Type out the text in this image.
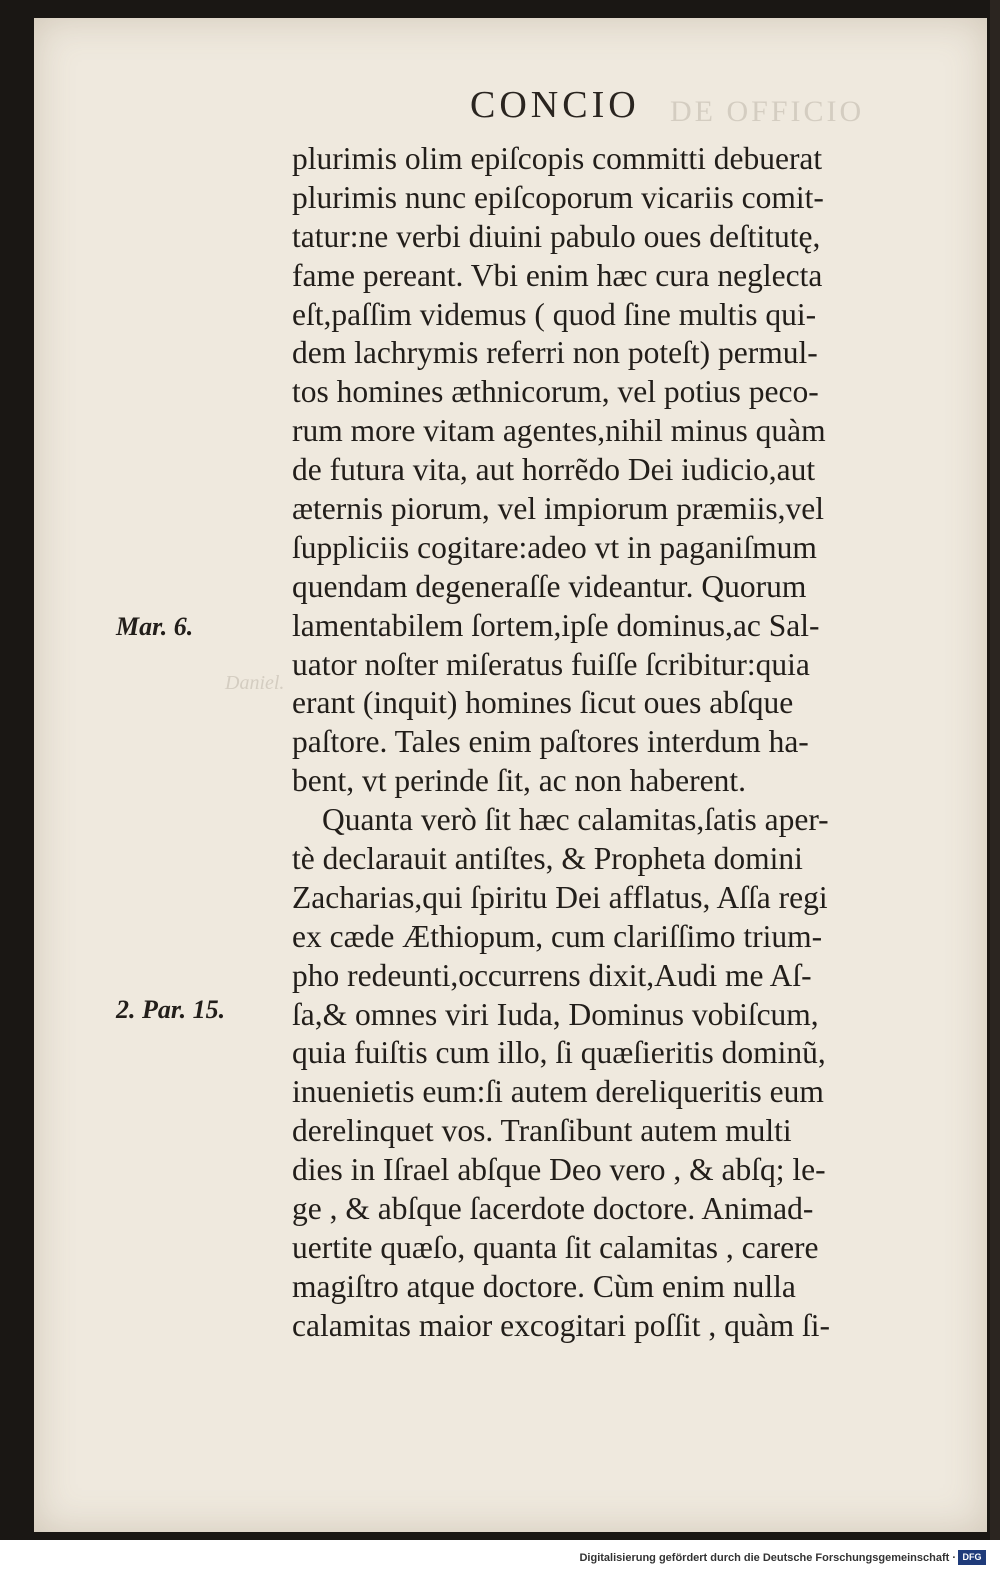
DE OFFICIO
Daniel.
CONCIO
Mar. 6.
2. Par. 15.
plurimis olim epiſcopis committi debuerat
plurimis nunc epiſcoporum vicariis comit-
tatur:ne verbi diuini pabulo oues deſtitutę,
fame pereant. Vbi enim hæc cura neglecta
eſt,paſſim videmus ( quod ſine multis qui-
dem lachrymis referri non poteſt) permul-
tos homines æthnicorum, vel potius peco-
rum more vitam agentes,nihil minus quàm
de futura vita, aut horrẽdo Dei iudicio,aut
æternis piorum, vel impiorum præmiis,vel
ſuppliciis cogitare:adeo vt in paganiſmum
quendam degeneraſſe videantur. Quorum
lamentabilem ſortem,ipſe dominus,ac Sal-
uator noſter miſeratus fuiſſe ſcribitur:quia
erant (inquit) homines ſicut oues abſque
paſtore. Tales enim paſtores interdum ha-
bent, vt perinde ſit, ac non haberent.
Quanta verò ſit hæc calamitas,ſatis aper-
tè declarauit antiſtes, & Propheta domini
Zacharias,qui ſpiritu Dei afflatus, Aſſa regi
ex cæde Æthiopum, cum clariſſimo trium-
pho redeunti,occurrens dixit,Audi me Aſ-
ſa,& omnes viri Iuda, Dominus vobiſcum,
quia fuiſtis cum illo, ſi quæſieritis dominũ,
inuenietis eum:ſi autem dereliqueritis eum
derelinquet vos. Tranſibunt autem multi
dies in Iſrael abſque Deo vero , & abſq; le-
ge , & abſque ſacerdote doctore. Animad-
uertite quæſo, quanta ſit calamitas , carere
magiſtro atque doctore. Cùm enim nulla
calamitas maior excogitari poſſit , quàm ſi-
Digitalisierung gefördert durch die Deutsche Forschungsgemeinschaft · DFG
